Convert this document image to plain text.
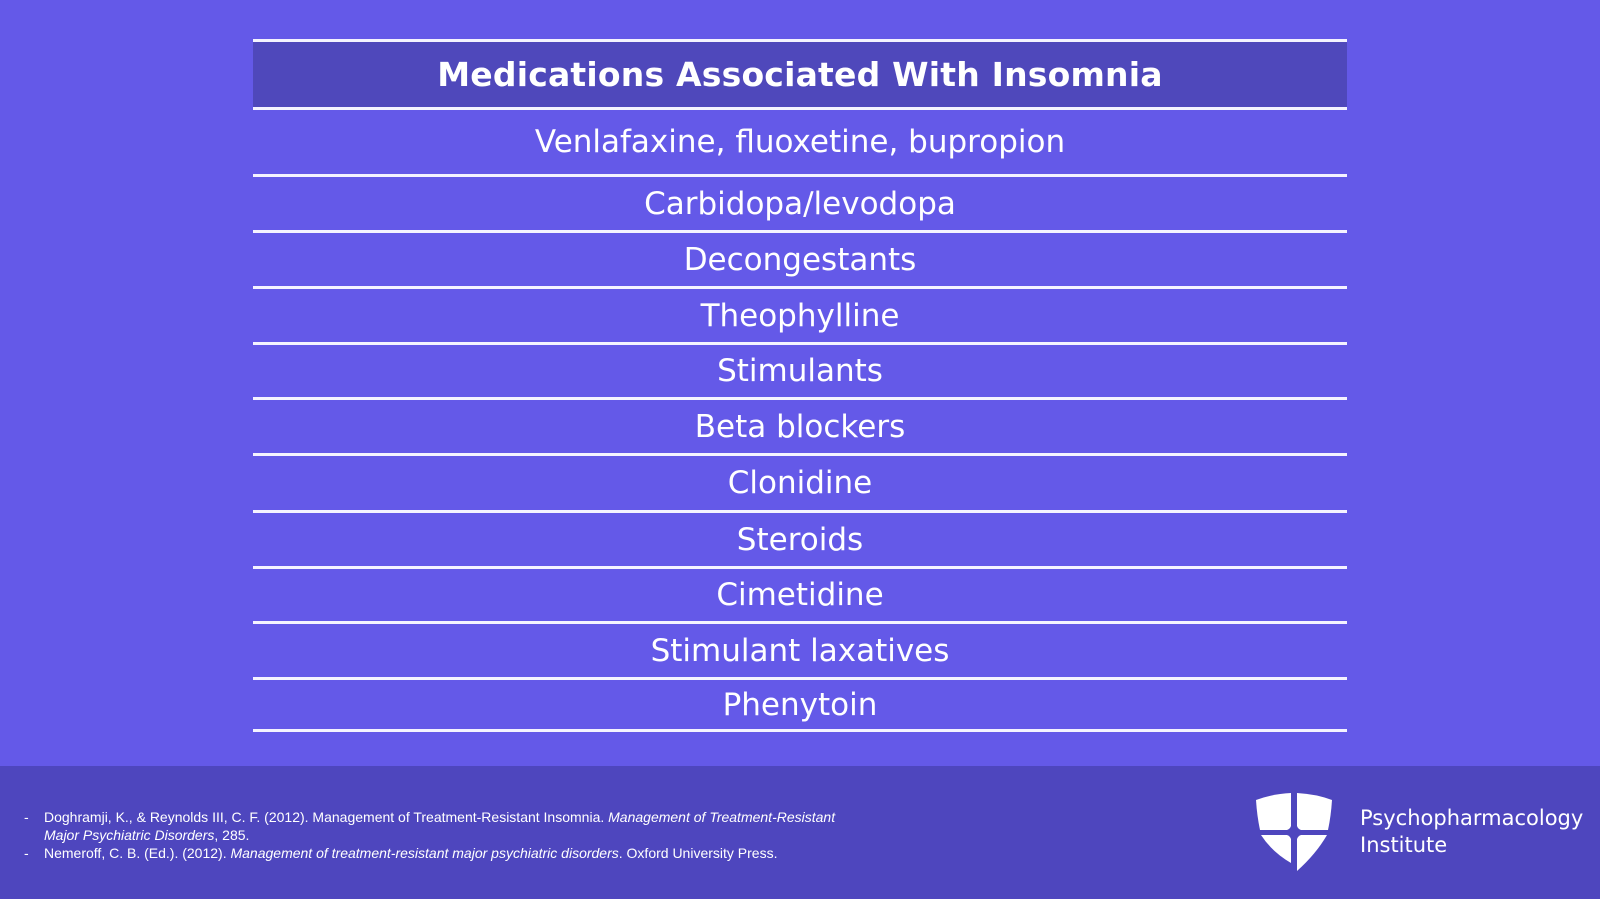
Medications Associated With Insomnia
Venlafaxine, fluoxetine, bupropion
Carbidopa/levodopa
Decongestants
Theophylline
Stimulants
Beta blockers
Clonidine
Steroids
Cimetidine
Stimulant laxatives
Phenytoin
- Doghramji, K., & Reynolds III, C. F. (2012). Management of Treatment-Resistant Insomnia. Management of Treatment-Resistant Major Psychiatric Disorders, 285.
- Nemeroff, C. B. (Ed.). (2012). Management of treatment-resistant major psychiatric disorders. Oxford University Press.
Psychopharmacology
Institute
